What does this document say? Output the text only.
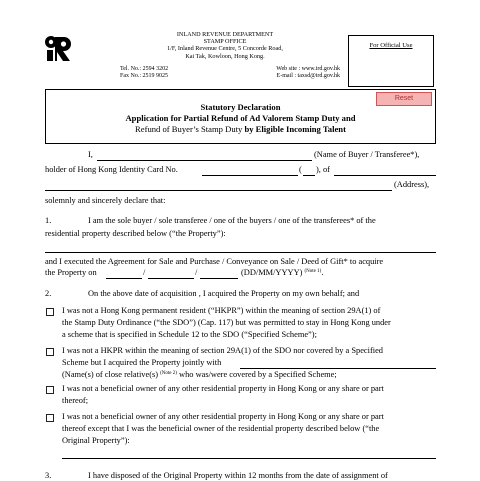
INLAND REVENUE DEPARTMENT
STAMP OFFICE
1/F, Inland Revenue Centre, 5 Concorde Road,
Kai Tak, Kowloon, Hong Kong.
Tel. No.: 2594 3202	Web site : www.ird.gov.hk
Fax No.: 2519 9025	E-mail : taxsd@ird.gov.hk
For Official Use
Reset
Statutory Declaration
Application for Partial Refund of Ad Valorem Stamp Duty and
Refund of Buyer’s Stamp Duty by Eligible Incoming Talent
I,	(Name of Buyer / Transferee*),
holder of Hong Kong Identity Card No.	( ), of
(Address),
solemnly and sincerely declare that:
1.	I am the sole buyer / sole transferee / one of the buyers / one of the transferees* of the
residential property described below (“the Property”):
and I executed the Agreement for Sale and Purchase / Conveyance on Sale / Deed of Gift* to acquire
the Property on	/	/	(DD/MM/YYYY) $^{(Note 1)}$.
2.	On the above date of acquisition , I acquired the Property on my own behalf; and
I was not a Hong Kong permanent resident (“HKPR”) within the meaning of section 29A(1) of
the Stamp Duty Ordinance (“the SDO”) (Cap. 117) but was permitted to stay in Hong Kong under
a scheme that is specified in Schedule 12 to the SDO (“Specified Scheme”);
I was not a HKPR within the meaning of section 29A(1) of the SDO nor covered by a Specified
Scheme but I acquired the Property jointly with
(Name(s) of close relative(s) $^{(Note 2)}$ who was/were covered by a Specified Scheme;
I was not a beneficial owner of any other residential property in Hong Kong or any share or part
thereof;
I was not a beneficial owner of any other residential property in Hong Kong or any share or part
thereof except that I was the beneficial owner of the residential property described below (“the
Original Property”):
3.	I have disposed of the Original Property within 12 months from the date of assignment of
